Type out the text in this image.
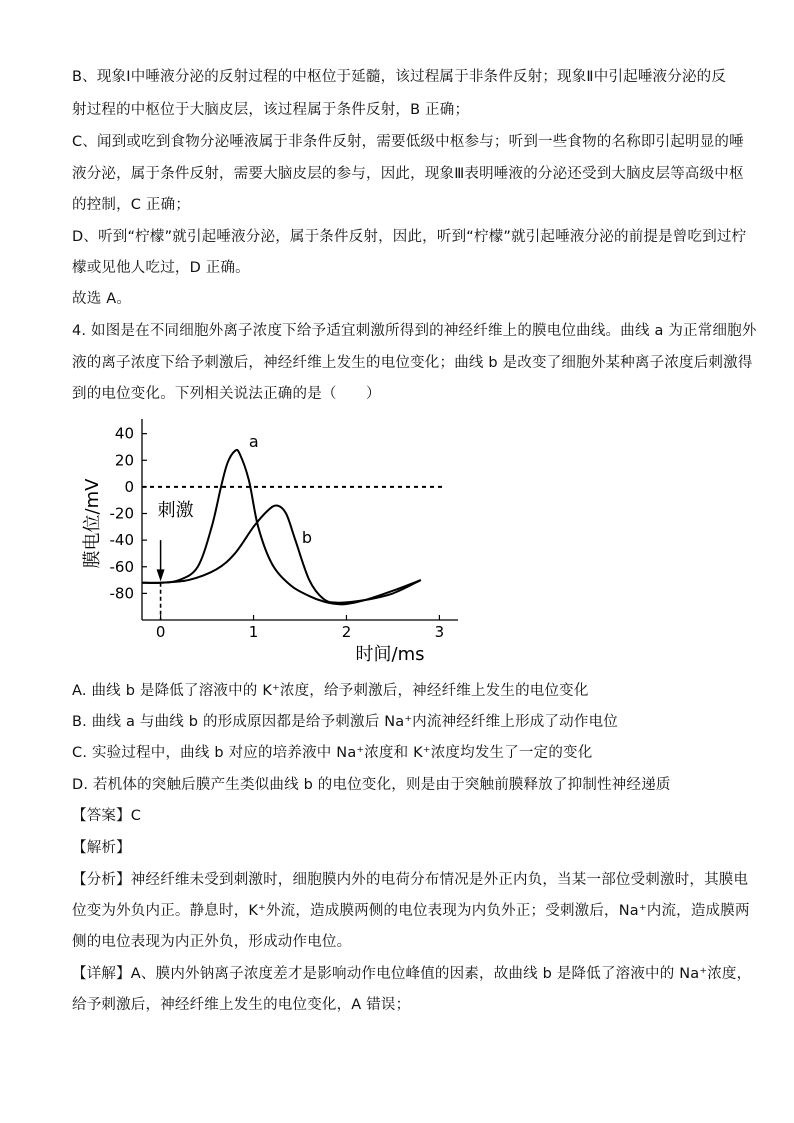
B、现象Ⅰ中唾液分泌的反射过程的中枢位于延髓，该过程属于非条件反射；现象Ⅱ中引起唾液分泌的反
射过程的中枢位于大脑皮层，该过程属于条件反射，B 正确；
C、闻到或吃到食物分泌唾液属于非条件反射，需要低级中枢参与；听到一些食物的名称即引起明显的唾
液分泌，属于条件反射，需要大脑皮层的参与，因此，现象Ⅲ表明唾液的分泌还受到大脑皮层等高级中枢
的控制，C 正确；
D、听到“柠檬”就引起唾液分泌，属于条件反射，因此，听到“柠檬”就引起唾液分泌的前提是曾吃到过柠
檬或见他人吃过，D 正确。
故选 A。
4. 如图是在不同细胞外离子浓度下给予适宜刺激所得到的神经纤维上的膜电位曲线。曲线 a 为正常细胞外
液的离子浓度下给予刺激后，神经纤维上发生的电位变化；曲线 b 是改变了细胞外某种离子浓度后刺激得
到的电位变化。下列相关说法正确的是（　　）
40
20
0
-20
-40
-60
-80
0	1	2	3
膜电位/mV
时间/ms
刺激
a
b
A. 曲线 b 是降低了溶液中的 K⁺浓度，给予刺激后，神经纤维上发生的电位变化
B. 曲线 a 与曲线 b 的形成原因都是给予刺激后 Na⁺内流神经纤维上形成了动作电位
C. 实验过程中，曲线 b 对应的培养液中 Na⁺浓度和 K⁺浓度均发生了一定的变化
D. 若机体的突触后膜产生类似曲线 b 的电位变化，则是由于突触前膜释放了抑制性神经递质
【答案】C
【解析】
【分析】神经纤维未受到刺激时，细胞膜内外的电荷分布情况是外正内负，当某一部位受刺激时，其膜电
位变为外负内正。静息时，K⁺外流，造成膜两侧的电位表现为内负外正；受刺激后，Na⁺内流，造成膜两
侧的电位表现为内正外负，形成动作电位。
【详解】A、膜内外钠离子浓度差才是影响动作电位峰值的因素，故曲线 b 是降低了溶液中的 Na⁺浓度，
给予刺激后，神经纤维上发生的电位变化，A 错误；
